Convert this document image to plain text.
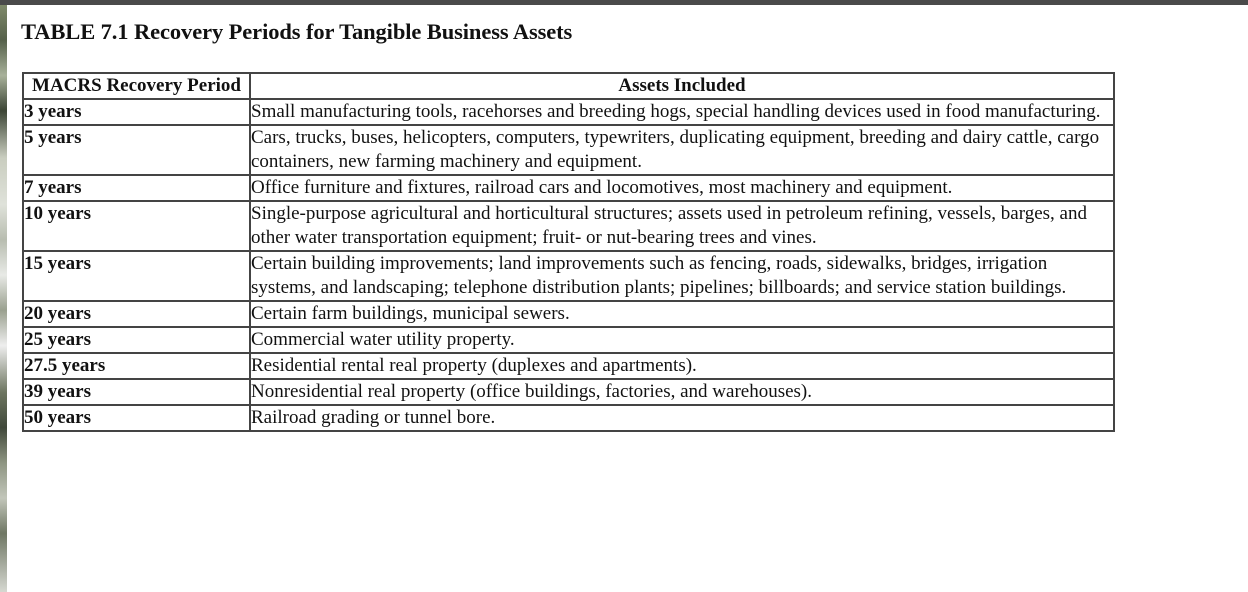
TABLE 7.1 Recovery Periods for Tangible Business Assets
MACRS Recovery Period	Assets Included
3 years	Small manufacturing tools, racehorses and breeding hogs, special handling devices used in food manufacturing.
5 years	Cars, trucks, buses, helicopters, computers, typewriters, duplicating equipment, breeding and dairy cattle, cargo containers, new farming machinery and equipment.
7 years	Office furniture and fixtures, railroad cars and locomotives, most machinery and equipment.
10 years	Single-purpose agricultural and horticultural structures; assets used in petroleum refining, vessels, barges, and other water transportation equipment; fruit- or nut-bearing trees and vines.
15 years	Certain building improvements; land improvements such as fencing, roads, sidewalks, bridges, irrigation systems, and landscaping; telephone distribution plants; pipelines; billboards; and service station buildings.
20 years	Certain farm buildings, municipal sewers.
25 years	Commercial water utility property.
27.5 years	Residential rental real property (duplexes and apartments).
39 years	Nonresidential real property (office buildings, factories, and warehouses).
50 years	Railroad grading or tunnel bore.
